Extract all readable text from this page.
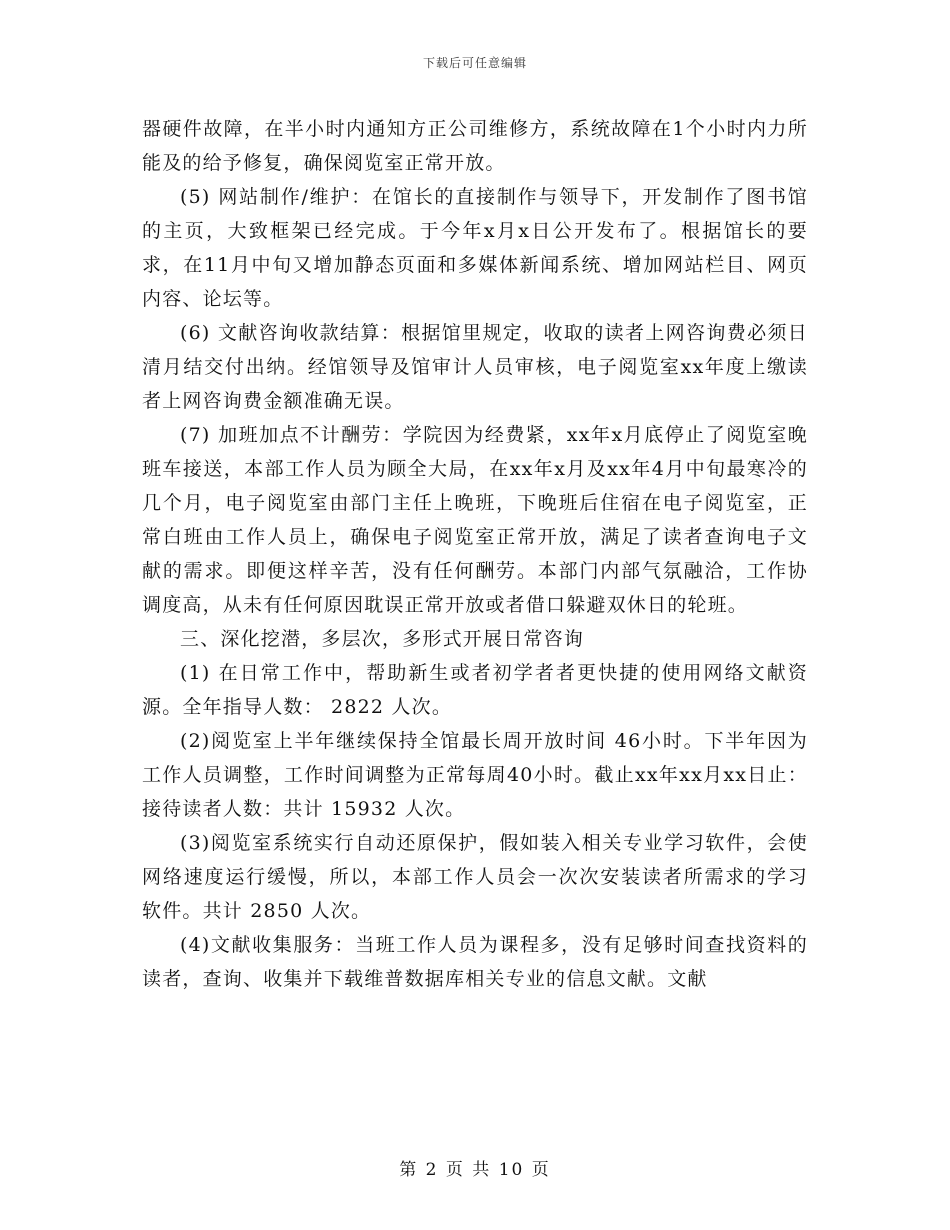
下载后可任意编辑

器硬件故障，在半小时内通知方正公司维修方，系统故障在1个小时内力所能及的给予修复，确保阅览室正常开放。

(5) 网站制作/维护：在馆长的直接制作与领导下，开发制作了图书馆的主页，大致框架已经完成。于今年x月x日公开发布了。根据馆长的要求，在11月中旬又增加静态页面和多媒体新闻系统、增加网站栏目、网页内容、论坛等。

(6) 文献咨询收款结算：根据馆里规定，收取的读者上网咨询费必须日清月结交付出纳。经馆领导及馆审计人员审核，电子阅览室xx年度上缴读者上网咨询费金额准确无误。

(7) 加班加点不计酬劳：学院因为经费紧，xx年x月底停止了阅览室晚班车接送，本部工作人员为顾全大局，在xx年x月及xx年4月中旬最寒冷的几个月，电子阅览室由部门主任上晚班，下晚班后住宿在电子阅览室，正常白班由工作人员上，确保电子阅览室正常开放，满足了读者查询电子文献的需求。即便这样辛苦，没有任何酬劳。本部门内部气氛融洽，工作协调度高，从未有任何原因耽误正常开放或者借口躲避双休日的轮班。

三、深化挖潜，多层次，多形式开展日常咨询

(1) 在日常工作中，帮助新生或者初学者者更快捷的使用网络文献资源。全年指导人数： 2822 人次。

(2)阅览室上半年继续保持全馆最长周开放时间 46小时。下半年因为工作人员调整，工作时间调整为正常每周40小时。截止xx年xx月xx日止：接待读者人数：共计 15932 人次。

(3)阅览室系统实行自动还原保护，假如装入相关专业学习软件，会使网络速度运行缓慢，所以，本部工作人员会一次次安装读者所需求的学习软件。共计 2850 人次。

(4)文献收集服务：当班工作人员为课程多，没有足够时间查找资料的读者，查询、收集并下载维普数据库相关专业的信息文献。文献

第 2 页 共 10 页
